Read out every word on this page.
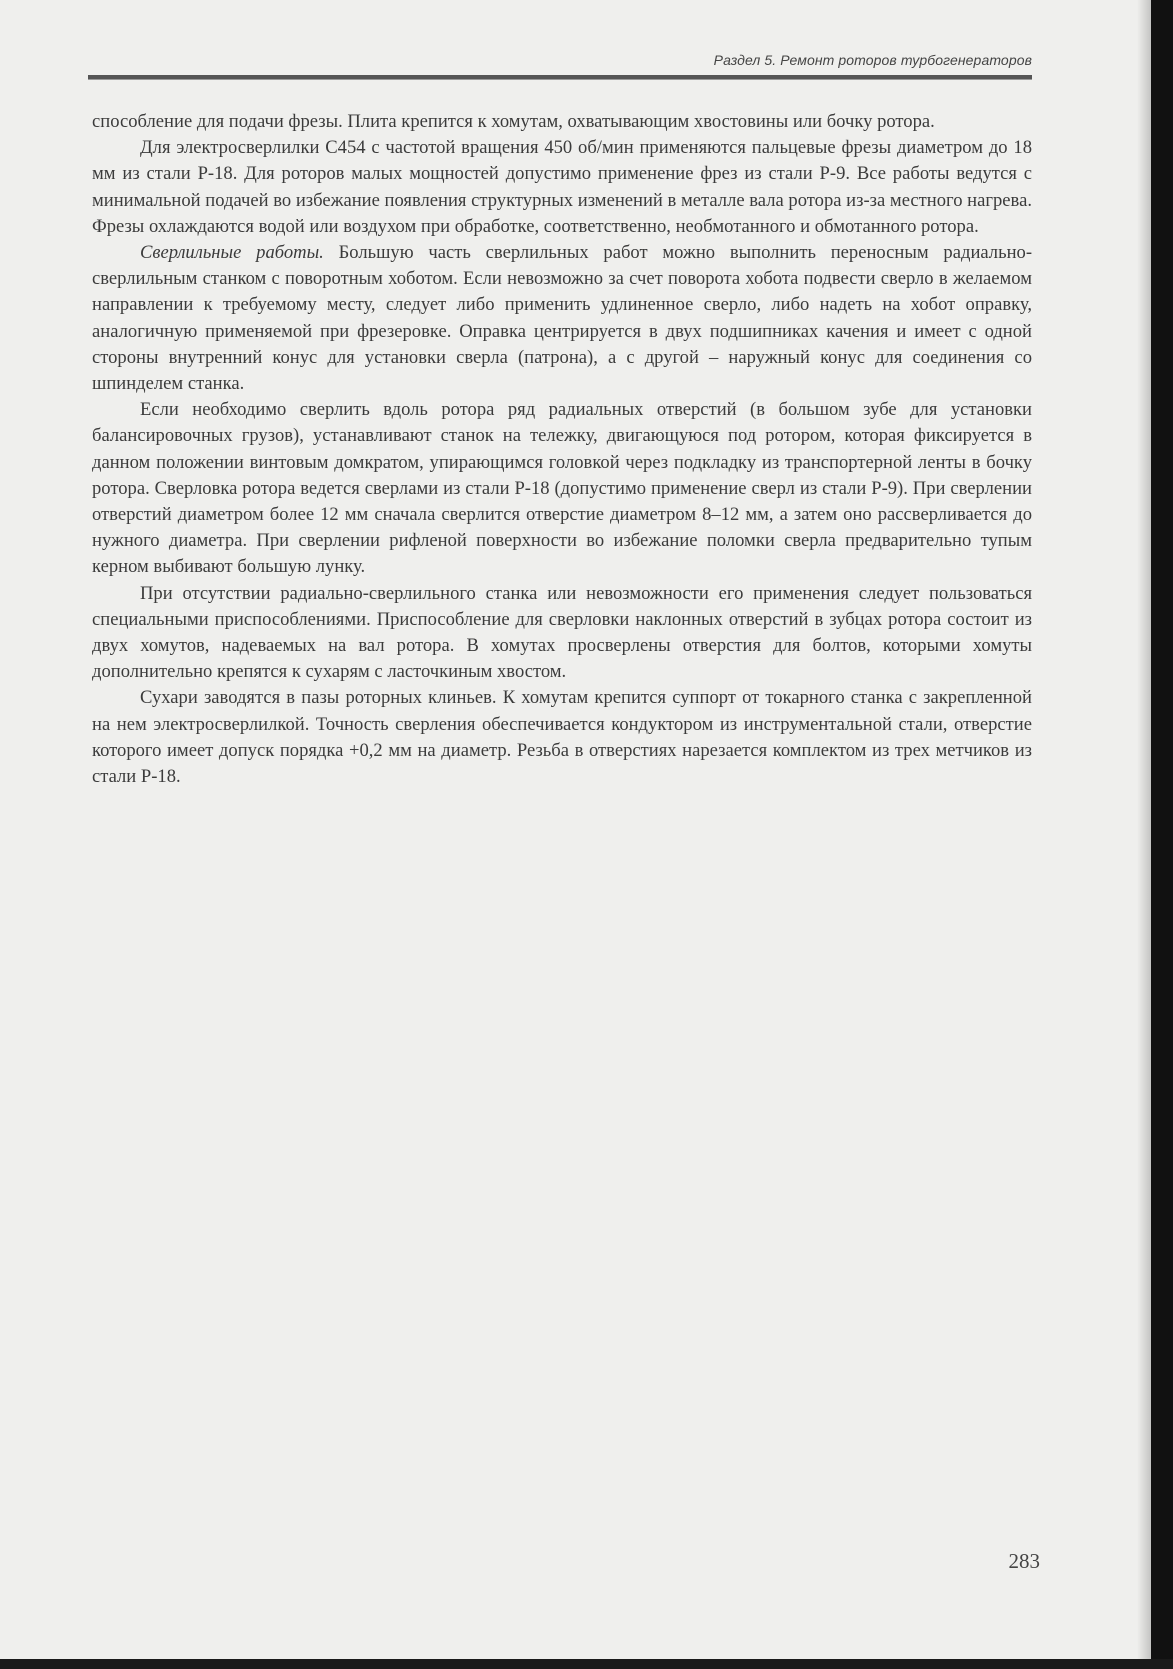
Раздел 5. Ремонт роторов турбогенераторов

способление для подачи фрезы. Плита крепится к хомутам, охватывающим хвостовины или бочку ротора.

Для электросверлилки С454 с частотой вращения 450 об/мин применяются пальцевые фрезы диаметром до 18 мм из стали Р-18. Для роторов малых мощностей допустимо применение фрез из стали Р-9. Все работы ведутся с минимальной подачей во избежание появления структурных изменений в металле вала ротора из-за местного нагрева. Фрезы охлаждаются водой или воздухом при обработке, соответственно, необмотанного и обмотанного ротора.

Сверлильные работы. Большую часть сверлильных работ можно выполнить переносным радиально-сверлильным станком с поворотным хоботом. Если невозможно за счет поворота хобота подвести сверло в желаемом направлении к требуемому месту, следует либо применить удлиненное сверло, либо надеть на хобот оправку, аналогичную применяемой при фрезеровке. Оправка центрируется в двух подшипниках качения и имеет с одной стороны внутренний конус для установки сверла (патрона), а с другой – наружный конус для соединения со шпинделем станка.

Если необходимо сверлить вдоль ротора ряд радиальных отверстий (в большом зубе для установки балансировочных грузов), устанавливают станок на тележку, двигающуюся под ротором, которая фиксируется в данном положении винтовым домкратом, упирающимся головкой через подкладку из транспортерной ленты в бочку ротора. Сверловка ротора ведется сверлами из стали Р-18 (допустимо применение сверл из стали Р-9). При сверлении отверстий диаметром более 12 мм сначала сверлится отверстие диаметром 8–12 мм, а затем оно рассверливается до нужного диаметра. При сверлении рифленой поверхности во избежание поломки сверла предварительно тупым керном выбивают большую лунку.

При отсутствии радиально-сверлильного станка или невозможности его применения следует пользоваться специальными приспособлениями. Приспособление для сверловки наклонных отверстий в зубцах ротора состоит из двух хомутов, надеваемых на вал ротора. В хомутах просверлены отверстия для болтов, которыми хомуты дополнительно крепятся к сухарям с ласточкиным хвостом.

Сухари заводятся в пазы роторных клиньев. К хомутам крепится суппорт от токарного станка с закрепленной на нем электросверлилкой. Точность сверления обеспечивается кондуктором из инструментальной стали, отверстие которого имеет допуск порядка +0,2 мм на диаметр. Резьба в отверстиях нарезается комплектом из трех метчиков из стали Р-18.

283
